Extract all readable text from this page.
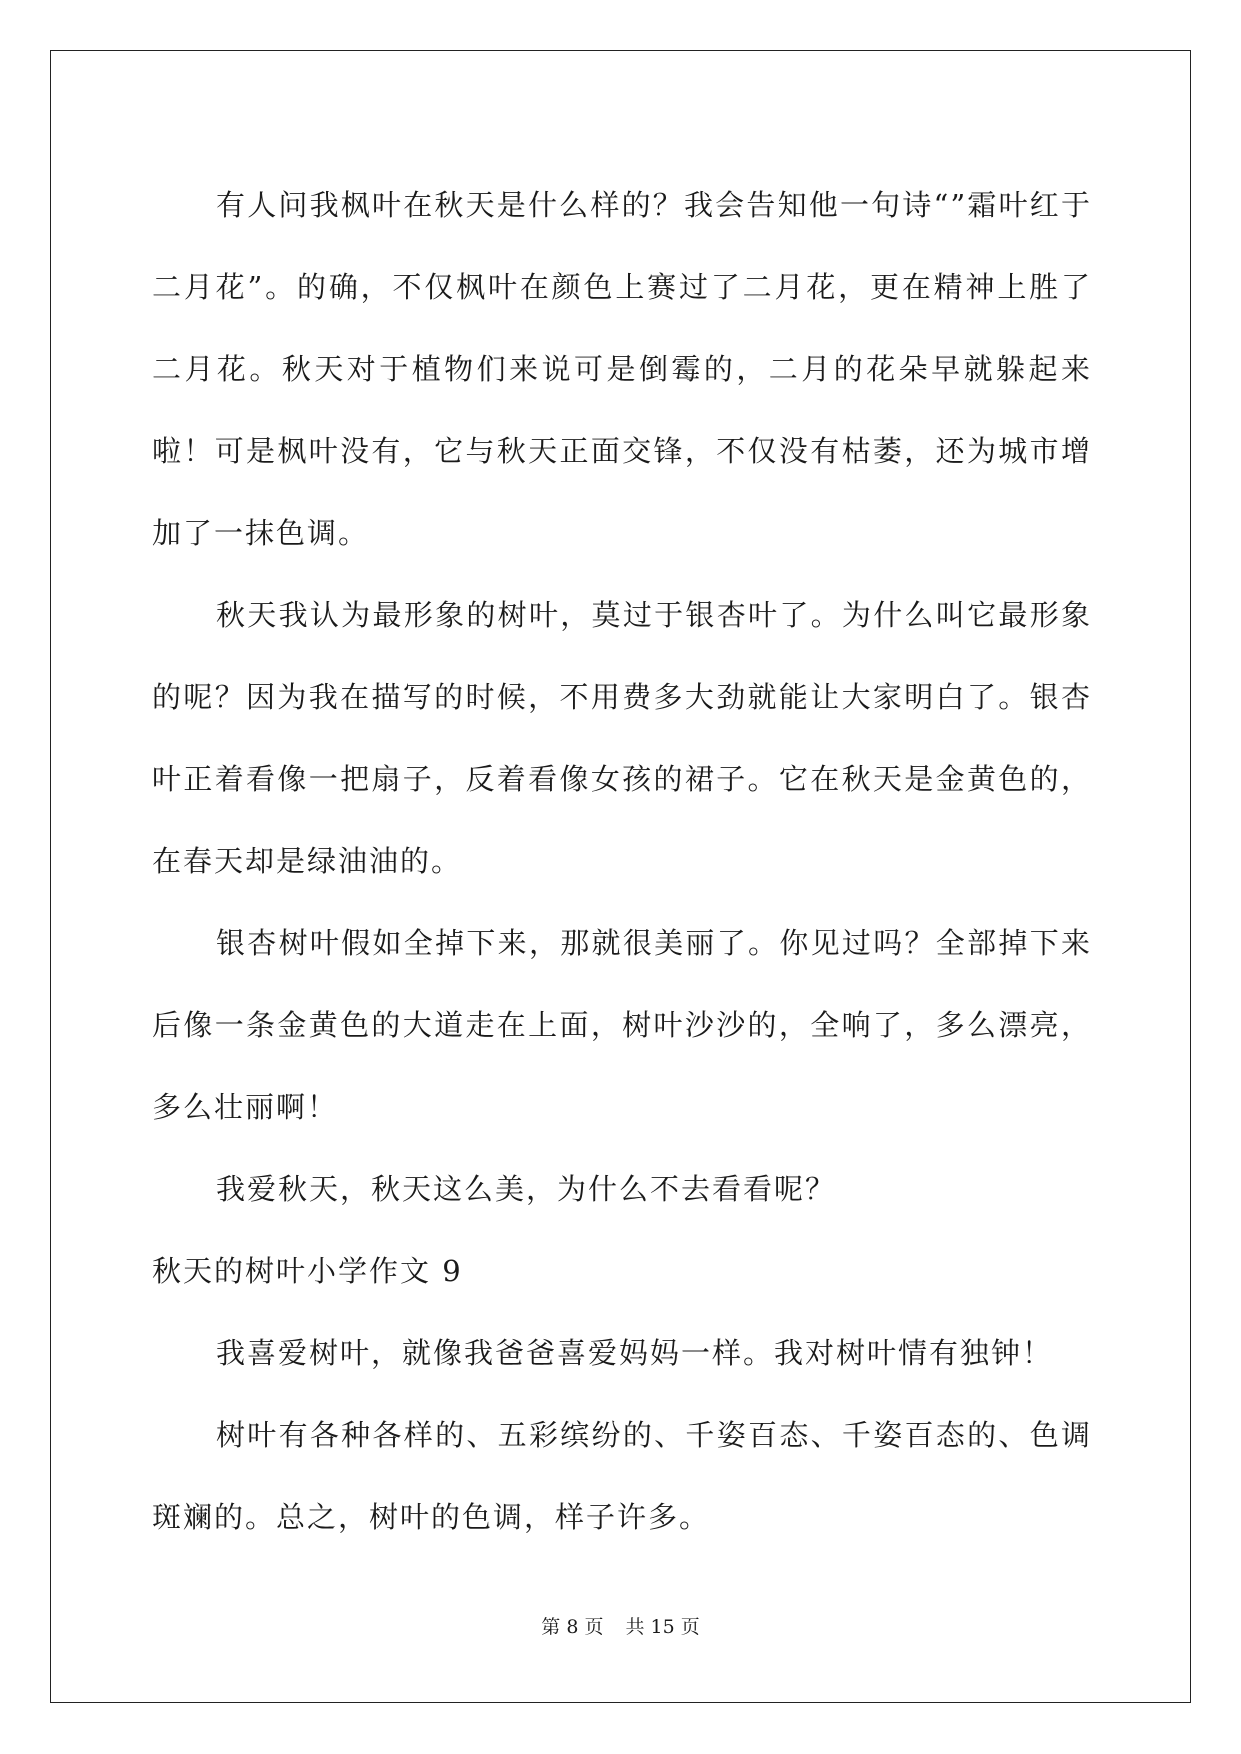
有人问我枫叶在秋天是什么样的？我会告知他一句诗“”霜叶红于二月花”。的确，不仅枫叶在颜色上赛过了二月花，更在精神上胜了二月花。秋天对于植物们来说可是倒霉的，二月的花朵早就躲起来啦！可是枫叶没有，它与秋天正面交锋，不仅没有枯萎，还为城市增加了一抹色调。

秋天我认为最形象的树叶，莫过于银杏叶了。为什么叫它最形象的呢？因为我在描写的时候，不用费多大劲就能让大家明白了。银杏叶正着看像一把扇子，反着看像女孩的裙子。它在秋天是金黄色的，在春天却是绿油油的。

银杏树叶假如全掉下来，那就很美丽了。你见过吗？全部掉下来后像一条金黄色的大道走在上面，树叶沙沙的，全响了，多么漂亮，多么壮丽啊！

我爱秋天，秋天这么美，为什么不去看看呢？

秋天的树叶小学作文 9

我喜爱树叶，就像我爸爸喜爱妈妈一样。我对树叶情有独钟！

树叶有各种各样的、五彩缤纷的、千姿百态、千姿百态的、色调斑斓的。总之，树叶的色调，样子许多。

第 8 页 共 15 页
